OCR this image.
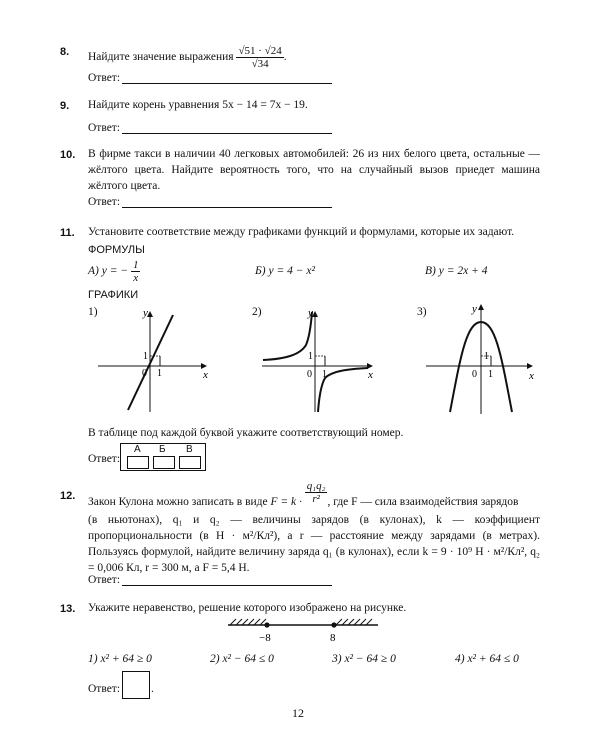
8. Найдите значение выражения $\frac{√51 \cdot √24}{√34}$ .
Ответ:
9. Найдите корень уравнения 5x − 14 = 7x − 19.
Ответ:
10. В фирме такси в наличии 40 легковых автомобилей: 26 из них белого цвета, остальные — жёлтого цвета. Найдите вероятность того, что на случайный вызов приедет машина жёлтого цвета.
Ответ:
11. Установите соответствие между графиками функций и формулами, которые их задают.
ФОРМУЛЫ
А) y = − $\frac{1}{x}$	Б) y = 4 − x²	В) y = 2x + 4
ГРАФИКИ
1)	2)	3)
y
x
0 1
1
y
x
0 1
1
y
x
0 1
1
−8	8
В таблице под каждой буквой укажите соответствующий номер.
Ответ:
А Б В
12.
Закон Кулона можно записать в виде $F = k \cdot \frac{\text{q₁q₂}}{\text{r²}}$ , где F — сила взаимодействия зарядов
(в ньютонах), q₁ и q₂ — величины зарядов (в кулонах), k — коэффициент пропорциональности (в Н · м²/Кл²), а r — расстояние между зарядами (в метрах). Пользуясь формулой, найдите величину заряда q₁ (в кулонах), если k = 9 · 10⁹ Н · м²/Кл², q₂ = 0,006 Кл, r = 300 м, а F = 5,4 Н.
Ответ:
13. Укажите неравенство, решение которого изображено на рисунке.
1) x² + 64 ≥ 0	2) x² − 64 ≤ 0	3) x² − 64 ≥ 0	4) x² + 64 ≤ 0
Ответ:	.
12
